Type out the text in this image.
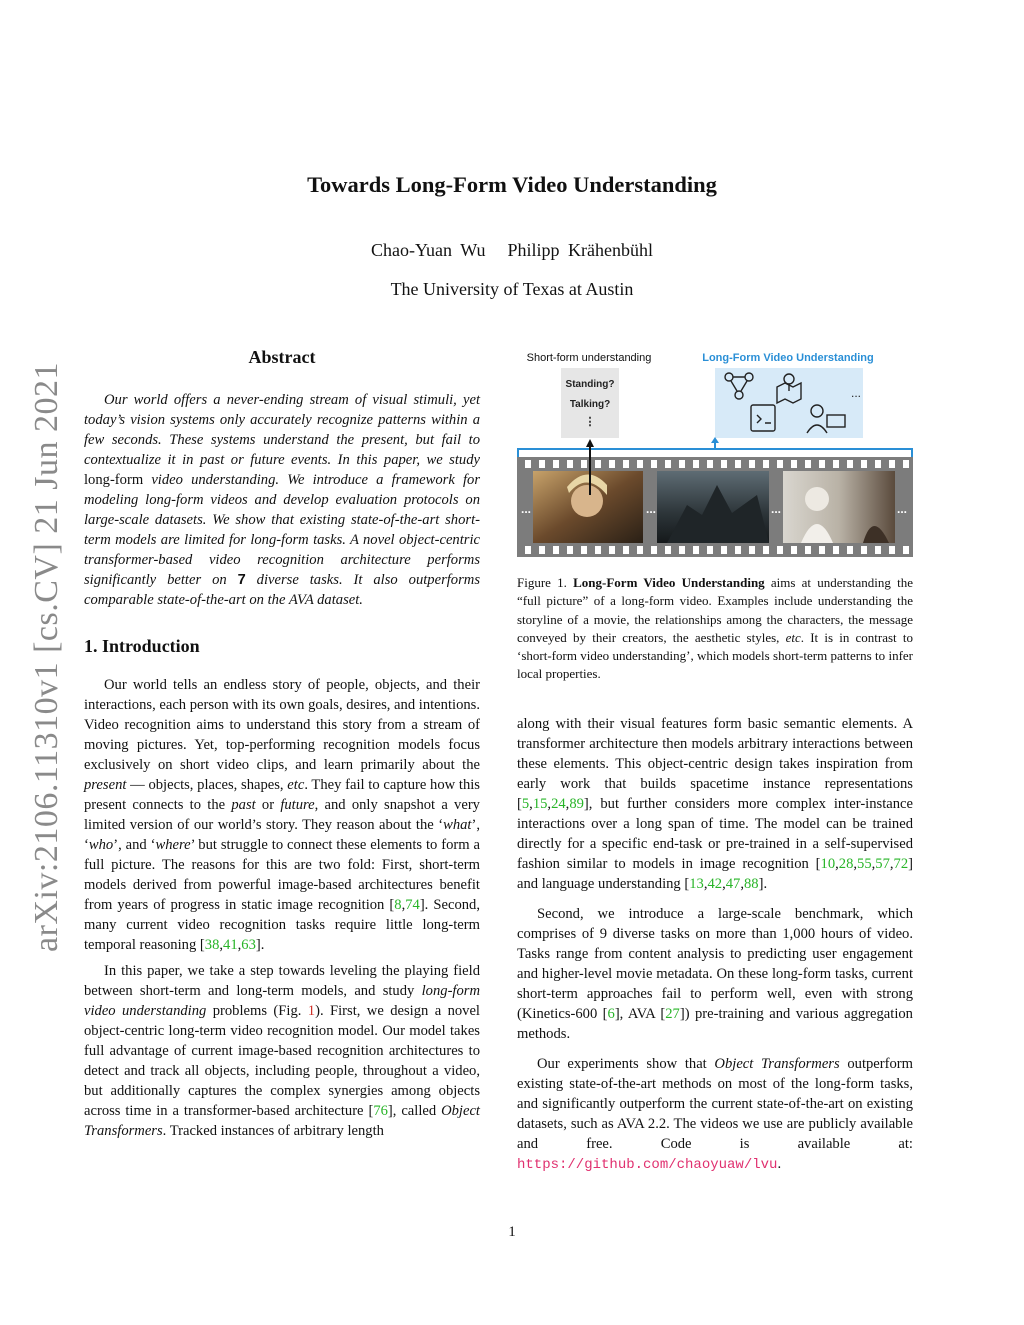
arXiv:2106.11310v1 [cs.CV] 21 Jun 2021
Towards Long-Form Video Understanding
Chao-Yuan Wu Philipp Krähenbühl
The University of Texas at Austin
Abstract

Our world offers a never-ending stream of visual stimuli, yet today’s vision systems only accurately recognize patterns within a few seconds. These systems understand the present, but fail to contextualize it in past or future events. In this paper, we study long-form video understanding. We introduce a framework for modeling long-form videos and develop evaluation protocols on large-scale datasets. We show that existing state-of-the-art short-term models are limited for long-form tasks. A novel object-centric transformer-based video recognition architecture performs significantly better on 7 diverse tasks. It also outperforms comparable state-of-the-art on the AVA dataset.

1. Introduction

Our world tells an endless story of people, objects, and their interactions, each person with its own goals, desires, and intentions. Video recognition aims to understand this story from a stream of moving pictures. Yet, top-performing recognition models focus exclusively on short video clips, and learn primarily about the present — objects, places, shapes, etc. They fail to capture how this present connects to the past or future, and only snapshot a very limited version of our world’s story. They reason about the ‘what’, ‘who’, and ‘where’ but struggle to connect these elements to form a full picture. The reasons for this are two fold: First, short-term models derived from powerful image-based architectures benefit from years of progress in static image recognition [8,74]. Second, many current video recognition tasks require little long-term temporal reasoning [38,41,63].

In this paper, we take a step towards leveling the playing field between short-term and long-term models, and study long-form video understanding problems (Fig. 1). First, we design a novel object-centric long-term video recognition model. Our model takes full advantage of current image-based recognition architectures to detect and track all objects, including people, throughout a video, but additionally captures the complex synergies among objects across time in a transformer-based architecture [76], called Object Transformers. Tracked instances of arbitrary length

Short-form understanding	Long-Form Video Understanding
Standing?
Talking?
⋮
...
...	...	...	...

Figure 1. Long-Form Video Understanding aims at understanding the “full picture” of a long-form video. Examples include understanding the storyline of a movie, the relationships among the characters, the message conveyed by their creators, the aesthetic styles, etc. It is in contrast to ‘short-form video understanding’, which models short-term patterns to infer local properties.

along with their visual features form basic semantic elements. A transformer architecture then models arbitrary interactions between these elements. This object-centric design takes inspiration from early work that builds spacetime instance representations [5,15,24,89], but further considers more complex inter-instance interactions over a long span of time. The model can be trained directly for a specific end-task or pre-trained in a self-supervised fashion similar to models in image recognition [10,28,55,57,72] and language understanding [13,42,47,88].

Second, we introduce a large-scale benchmark, which comprises of 9 diverse tasks on more than 1,000 hours of video. Tasks range from content analysis to predicting user engagement and higher-level movie metadata. On these long-form tasks, current short-term approaches fail to perform well, even with strong (Kinetics-600 [6], AVA [27]) pre-training and various aggregation methods.

Our experiments show that Object Transformers outperform existing state-of-the-art methods on most of the long-form tasks, and significantly outperform the current state-of-the-art on existing datasets, such as AVA 2.2. The videos we use are publicly available and free. Code is available at: https://github.com/chaoyuaw/lvu.

1
